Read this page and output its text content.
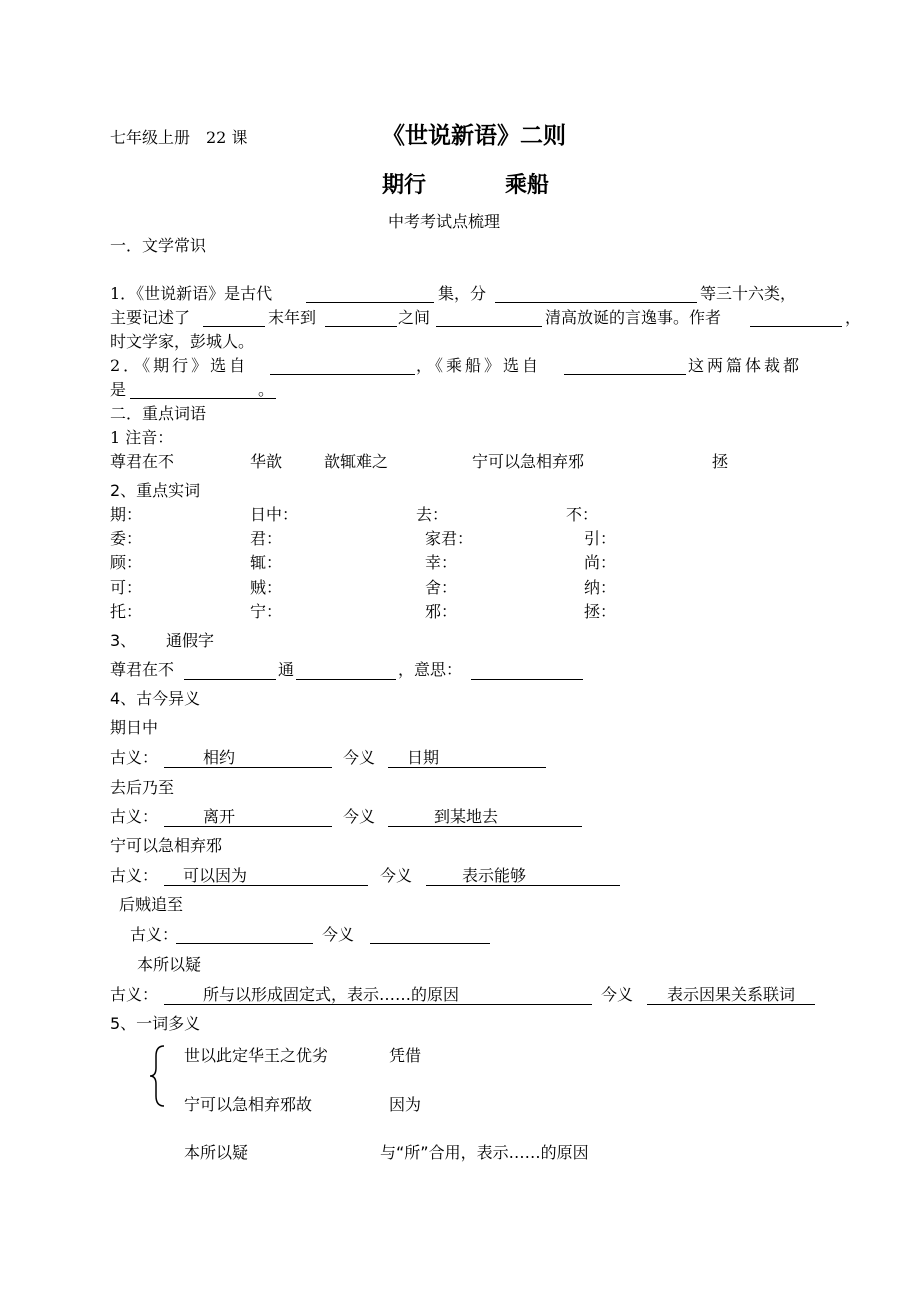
七年级上册　22 课	《世说新语》二则
期行	乘船
中考考试点梳理
一．文学常识
1．《世说新语》是古代	集，分	等三十六类，
主要记述了	末年到	之间	清高放诞的言逸事。作者	，
时文学家，彭城人。
2．《期行》选自	，《乘船》选自	这两篇体裁都
是	。
二．重点词语
1 注音：
尊君在不	华歆	歆辄难之	宁可以急相弃邪	拯
2、重点实词
期：	日中：	去：	不：
委：	君：	家君：	引：
顾：	辄：	幸：	尚：
可：	贼：	舍：	纳：
托：	宁：	邪：	拯：
3、 通假字
尊君在不	通	，意思：
4、古今异义
期日中
古义：	相约	今义 日期
去后乃至
古义：	离开	今义	到某地去
宁可以急相弃邪
古义： 可以因为	今义	表示能够
后贼追至
古义：	今义
本所以疑
古义：	所与以形成固定式，表示……的原因	今义 表示因果关系联词
5、一词多义
世以此定华王之优劣	凭借
宁可以急相弃邪故	因为
本所以疑	与“所”合用，表示……的原因
